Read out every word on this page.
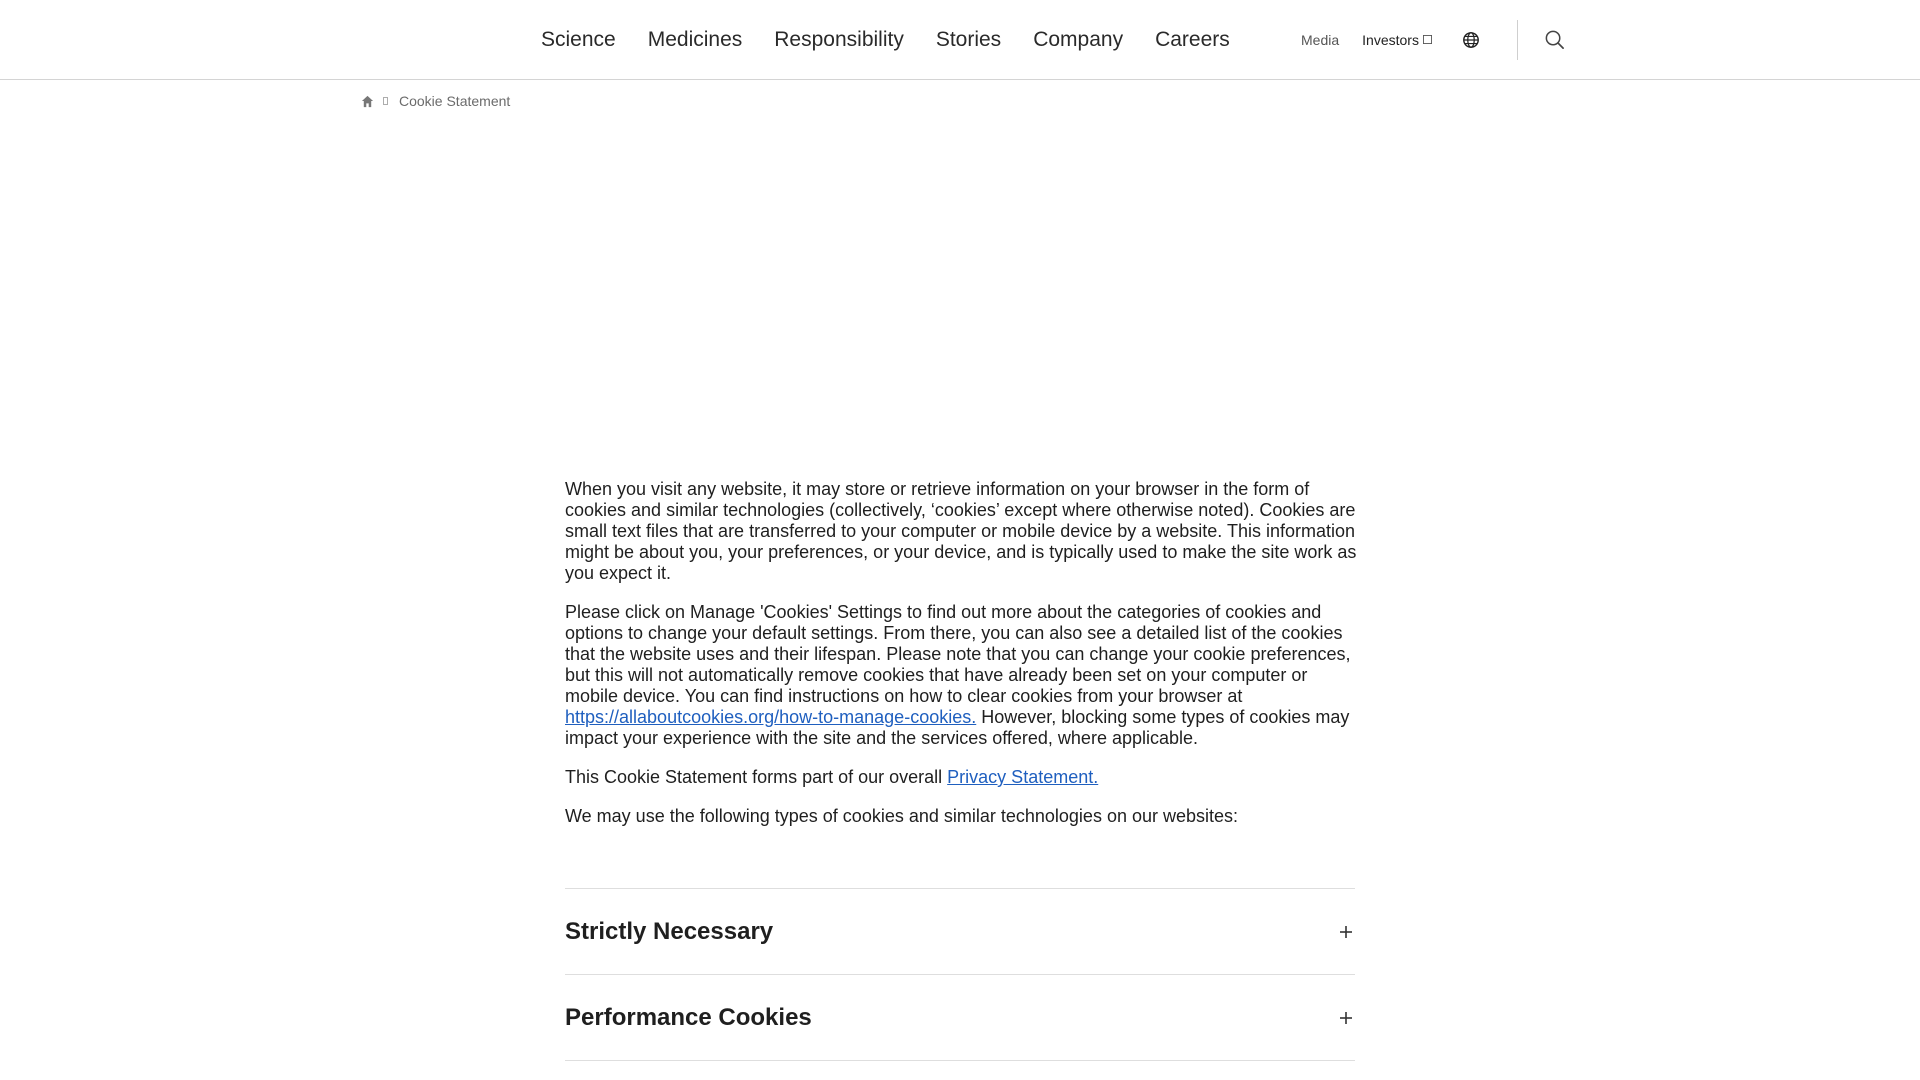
Science Medicines Responsibility Stories Company Careers	Media Investors
Cookie Statement

When you visit any website, it may store or retrieve information on your browser in the form of cookies and similar technologies (collectively, ‘cookies’ except where otherwise noted). Cookies are small text files that are transferred to your computer or mobile device by a website. This information might be about you, your preferences, or your device, and is typically used to make the site work as you expect it.

Please click on Manage 'Cookies' Settings to find out more about the categories of cookies and options to change your default settings. From there, you can also see a detailed list of the cookies that the website uses and their lifespan. Please note that you can change your cookie preferences, but this will not automatically remove cookies that have already been set on your computer or mobile device. You can find instructions on how to clear cookies from your browser at https://allaboutcookies.org/how-to-manage-cookies. However, blocking some types of cookies may impact your experience with the site and the services offered, where applicable.

This Cookie Statement forms part of our overall Privacy Statement.

We may use the following types of cookies and similar technologies on our websites:

Strictly Necessary
Performance Cookies
